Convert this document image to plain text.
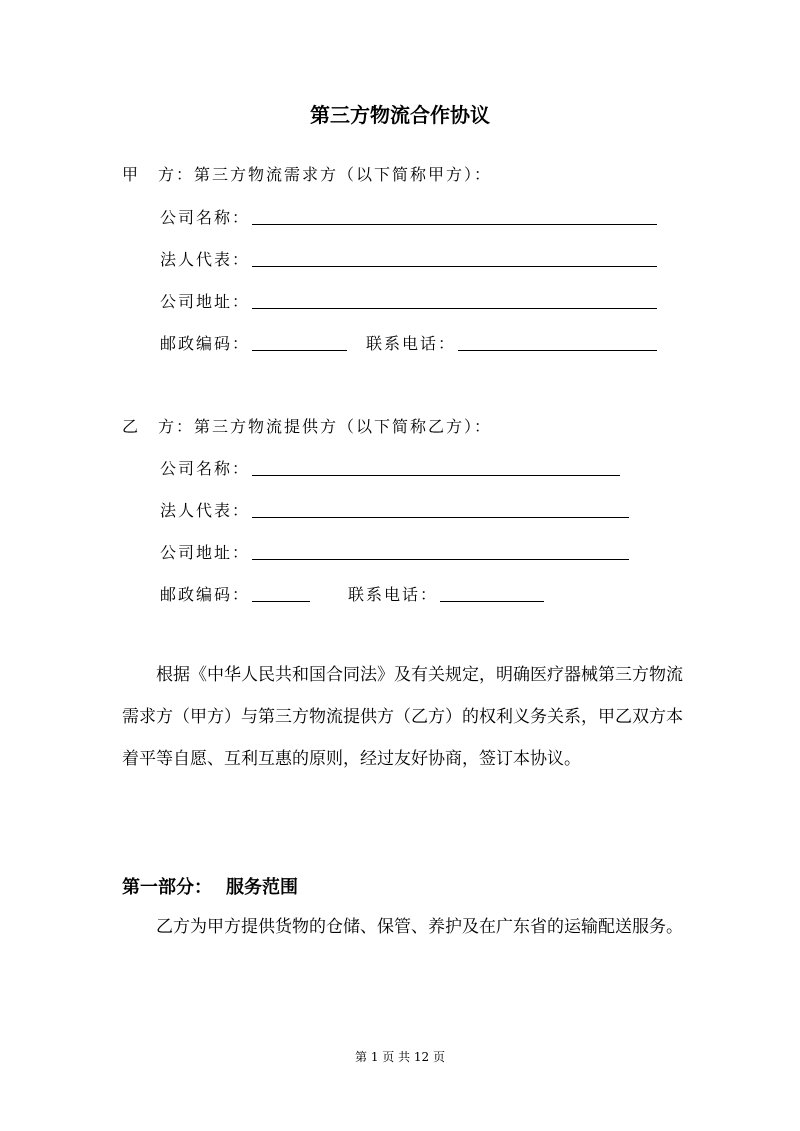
第三方物流合作协议
甲 方：第三方物流需求方（以下简称甲方）：
公司名称：
法人代表：
公司地址：
邮政编码：	联系电话：
乙 方：第三方物流提供方（以下简称乙方）：
公司名称：
法人代表：
公司地址：
邮政编码：	联系电话：

根据《中华人民共和国合同法》及有关规定，明确医疗器械第三方物流需求方（甲方）与第三方物流提供方（乙方）的权利义务关系，甲乙双方本着平等自愿、互利互惠的原则，经过友好协商，签订本协议。

第一部分： 服务范围

乙方为甲方提供货物的仓储、保管、养护及在广东省的运输配送服务。

第 1 页 共 12 页
